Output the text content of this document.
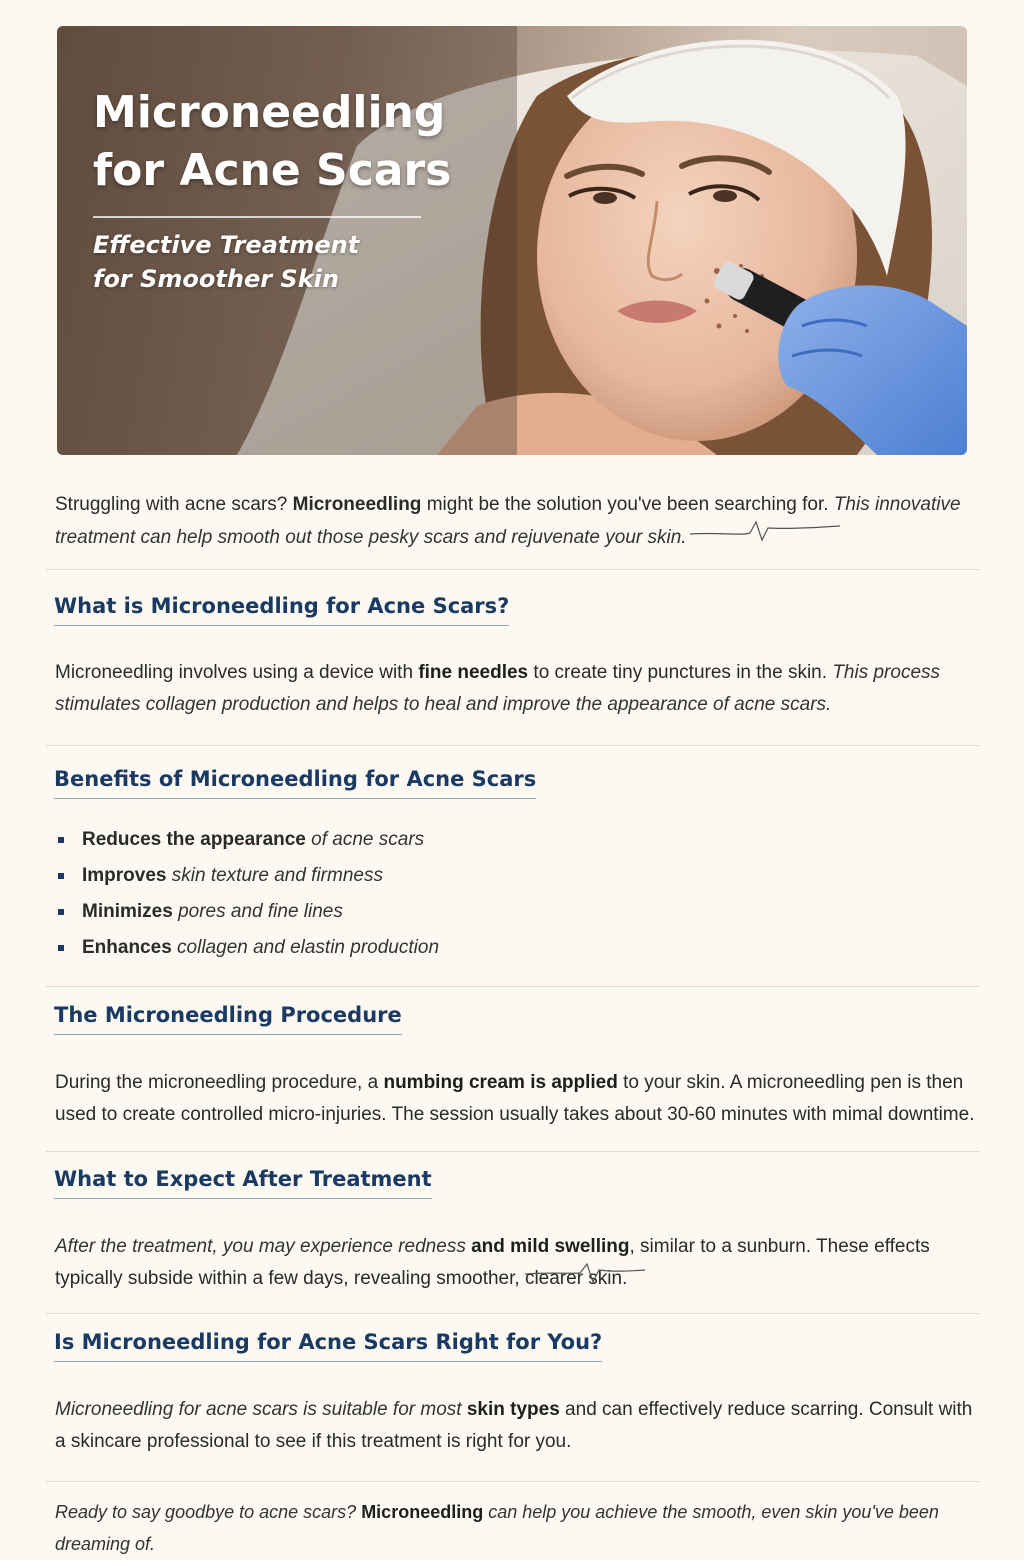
Microneedling
for Acne Scars

Effective Treatment
for Smoother Skin

Struggling with acne scars? Microneedling might be the solution you've been searching for. This innovative treatment can help smooth out those pesky scars and rejuvenate your skin.

What is Microneedling for Acne Scars?

Microneedling involves using a device with fine needles to create tiny punctures in the skin. This process stimulates collagen production and helps to heal and improve the appearance of acne scars.

Benefits of Microneedling for Acne Scars
Reduces the appearance of acne scars
Improves skin texture and firmness
Minimizes pores and fine lines
Enhances collagen and elastin production
The Microneedling Procedure

During the microneedling procedure, a numbing cream is applied to your skin. A microneedling pen is then used to create controlled micro-injuries. The session usually takes about 30-60 minutes with mimal downtime.

What to Expect After Treatment

After the treatment, you may experience redness and mild swelling, similar to a sunburn. These effects typically subside within a few days, revealing smoother, clearer skin.

Is Microneedling for Acne Scars Right for You?

Microneedling for acne scars is suitable for most skin types and can effectively reduce scarring. Consult with a skincare professional to see if this treatment is right for you.

Ready to say goodbye to acne scars? Microneedling can help you achieve the smooth, even skin you've been dreaming of.
